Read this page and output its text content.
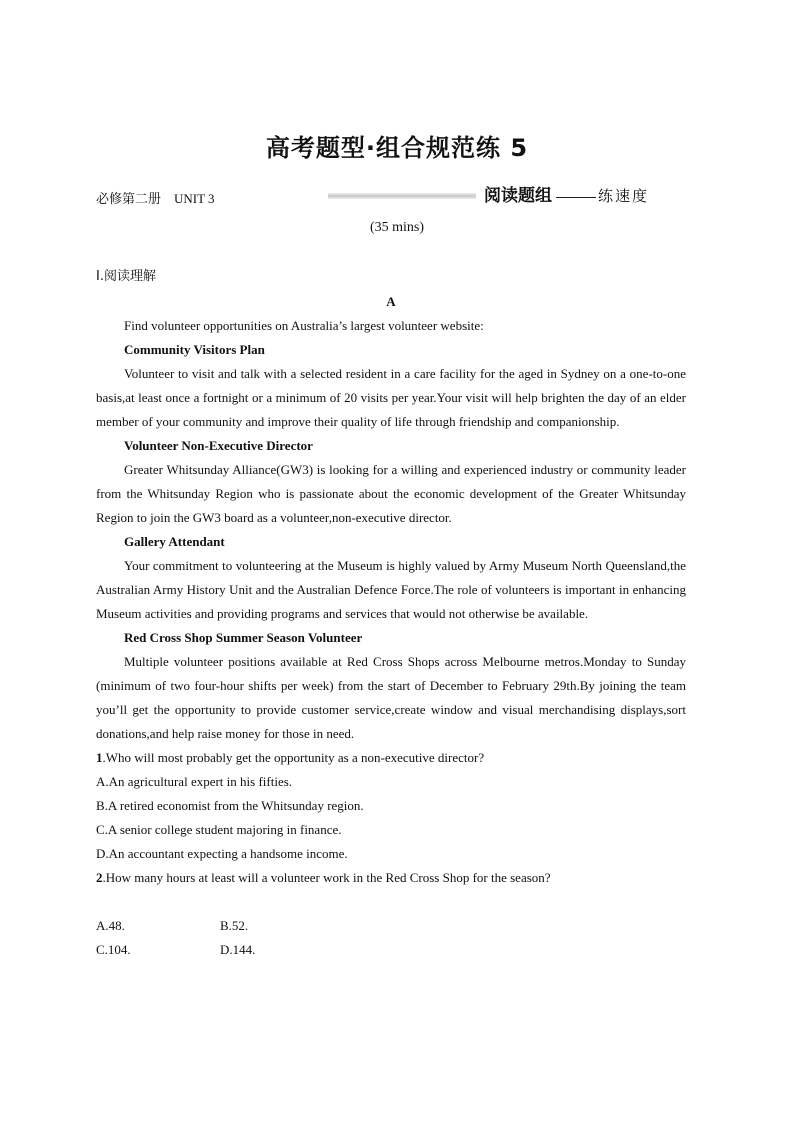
高考题型·组合规范练 5
必修第二册　UNIT 3	阅读题组	练速度
(35 mins)

Ⅰ.阅读理解

A

Find volunteer opportunities on Australia’s largest volunteer website:

Community Visitors Plan

Volunteer to visit and talk with a selected resident in a care facility for the aged in Sydney on a one-to-one basis,at least once a fortnight or a minimum of 20 visits per year.Your visit will help brighten the day of an elder member of your community and improve their quality of life through friendship and companionship.

Volunteer Non-Executive Director

Greater Whitsunday Alliance(GW3) is looking for a willing and experienced industry or community leader from the Whitsunday Region who is passionate about the economic development of the Greater Whitsunday Region to join the GW3 board as a volunteer,non-executive director.

Gallery Attendant

Your commitment to volunteering at the Museum is highly valued by Army Museum North Queensland,the Australian Army History Unit and the Australian Defence Force.The role of volunteers is important in enhancing Museum activities and providing programs and services that would not otherwise be available.

Red Cross Shop Summer Season Volunteer

Multiple volunteer positions available at Red Cross Shops across Melbourne metros.Monday to Sunday (minimum of two four-hour shifts per week) from the start of December to February 29th.By joining the team you’ll get the opportunity to provide customer service,create window and visual merchandising displays,sort donations,and help raise money for those in need.

1.Who will most probably get the opportunity as a non-executive director?

A.An agricultural expert in his fifties.

B.A retired economist from the Whitsunday region.

C.A senior college student majoring in finance.

D.An accountant expecting a handsome income.

2.How many hours at least will a volunteer work in the Red Cross Shop for the season?

A.48.	B.52.
C.104.	D.144.
